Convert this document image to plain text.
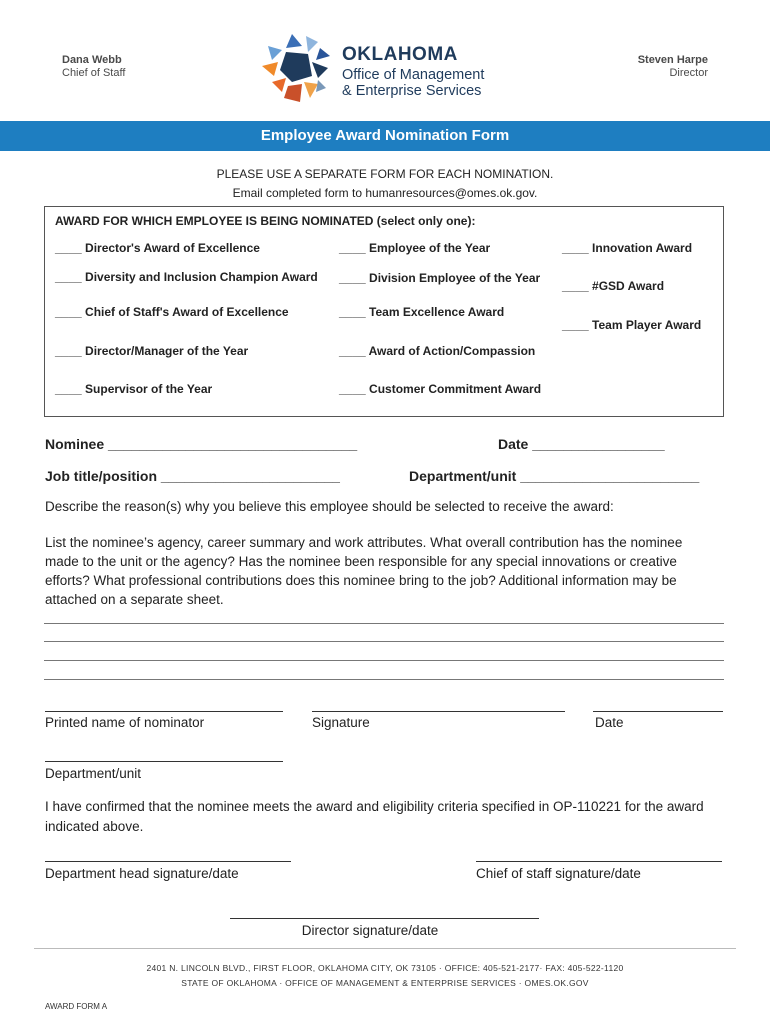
Dana Webb
Chief of Staff
OKLAHOMA
Office of Management
& Enterprise Services
Steven Harpe
Director
Employee Award Nomination Form
PLEASE USE A SEPARATE FORM FOR EACH NOMINATION.
Email completed form to humanresources@omes.ok.gov.
AWARD FOR WHICH EMPLOYEE IS BEING NOMINATED (select only one):
____ Director's Award of Excellence	____ Employee of the Year	____ Innovation Award
____ Diversity and Inclusion Champion Award ____ Division Employee of the Year
____ #GSD Award
____ Chief of Staff's Award of Excellence	____ Team Excellence Award
____ Team Player Award
____ Director/Manager of the Year	____ Award of Action/Compassion
____ Supervisor of the Year	____ Customer Commitment Award
Nominee ________________________________	Date _________________
Job title/position _______________________	Department/unit _______________________
Describe the reason(s) why you believe this employee should be selected to receive the award:
List the nominee’s agency, career summary and work attributes. What overall contribution has the nominee
made to the unit or the agency? Has the nominee been responsible for any special innovations or creative
efforts? What professional contributions does this nominee bring to the job? Additional information may be
attached on a separate sheet.
Printed name of nominator	Signature	Date
Department/unit
I have confirmed that the nominee meets the award and eligibility criteria specified in OP-110221 for the award
indicated above.
Department head signature/date	Chief of staff signature/date
Director signature/date
2401 N. LINCOLN BLVD., FIRST FLOOR, OKLAHOMA CITY, OK 73105 · OFFICE: 405-521-2177· FAX: 405-522-1120
STATE OF OKLAHOMA · OFFICE OF MANAGEMENT & ENTERPRISE SERVICES · OMES.OK.GOV
AWARD FORM A
